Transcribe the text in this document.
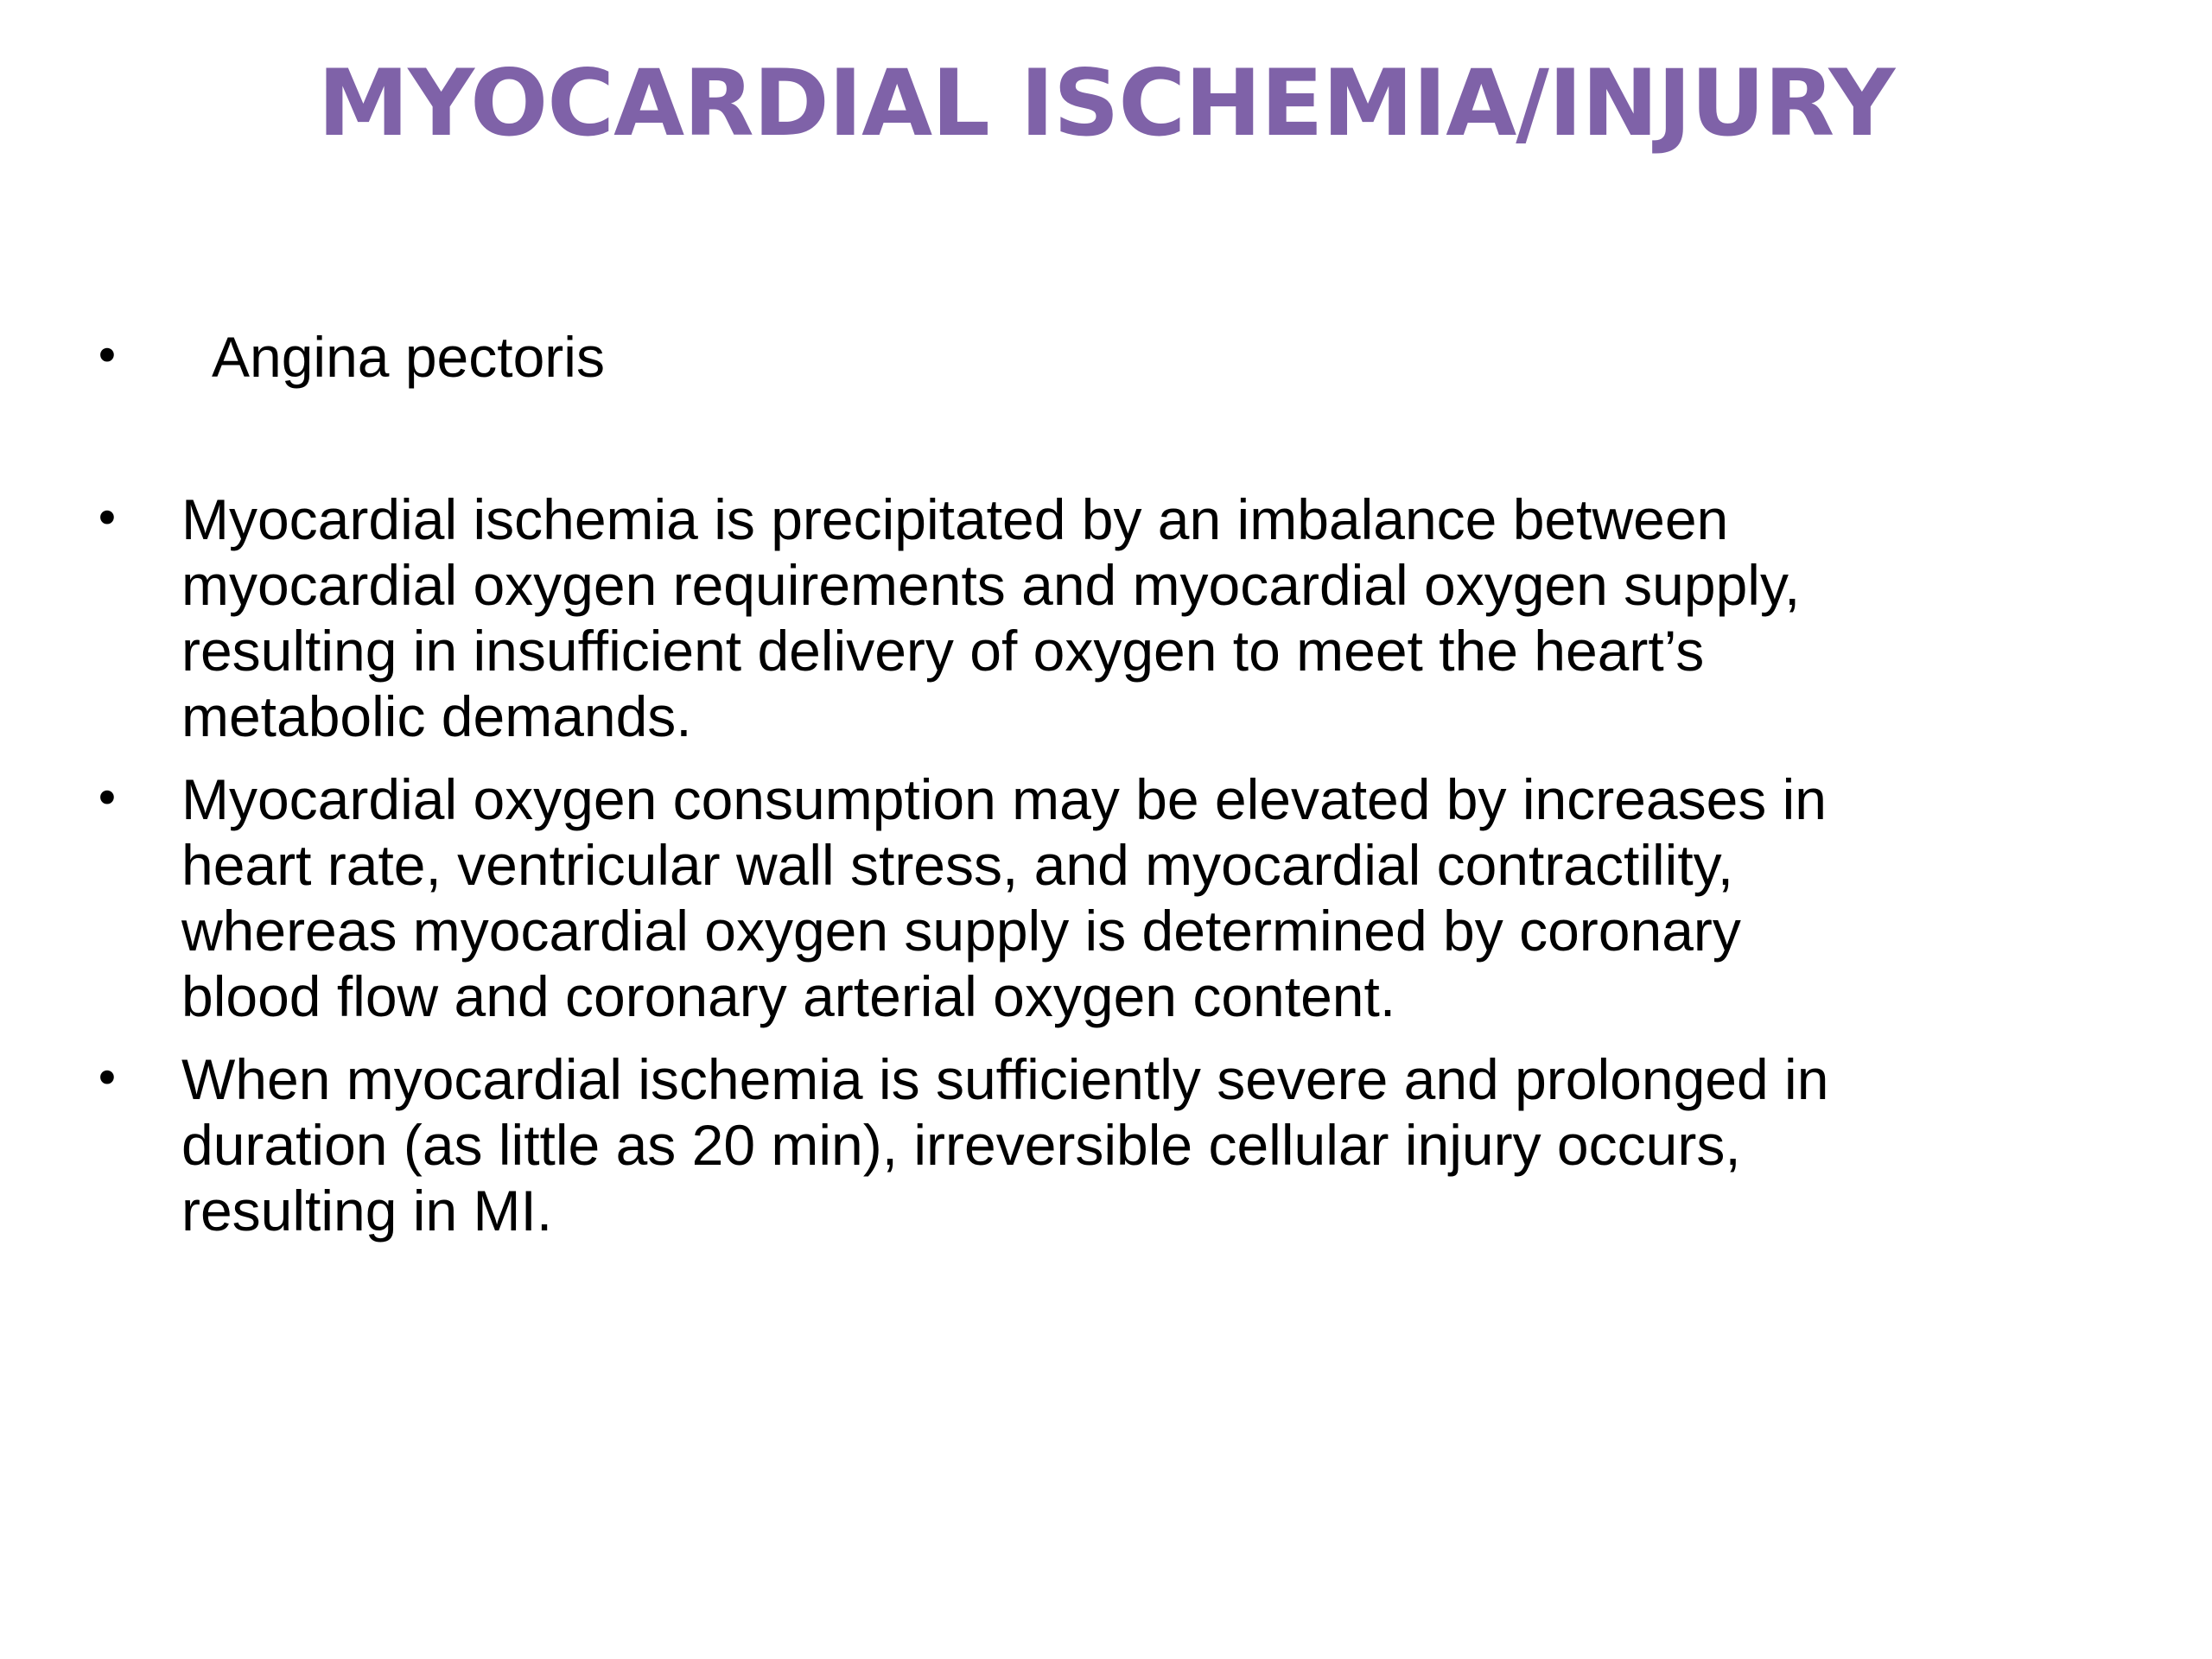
MYOCARDIAL ISCHEMIA/INJURY
• Angina pectoris
• Myocardial ischemia is precipitated by an imbalance between
myocardial oxygen requirements and myocardial oxygen supply,
resulting in insufficient delivery of oxygen to meet the heart’s
metabolic demands.
• Myocardial oxygen consumption may be elevated by increases in
heart rate, ventricular wall stress, and myocardial contractility,
whereas myocardial oxygen supply is determined by coronary
blood flow and coronary arterial oxygen content.
• When myocardial ischemia is sufficiently severe and prolonged in
duration (as little as 20 min), irreversible cellular injury occurs,
resulting in MI.
